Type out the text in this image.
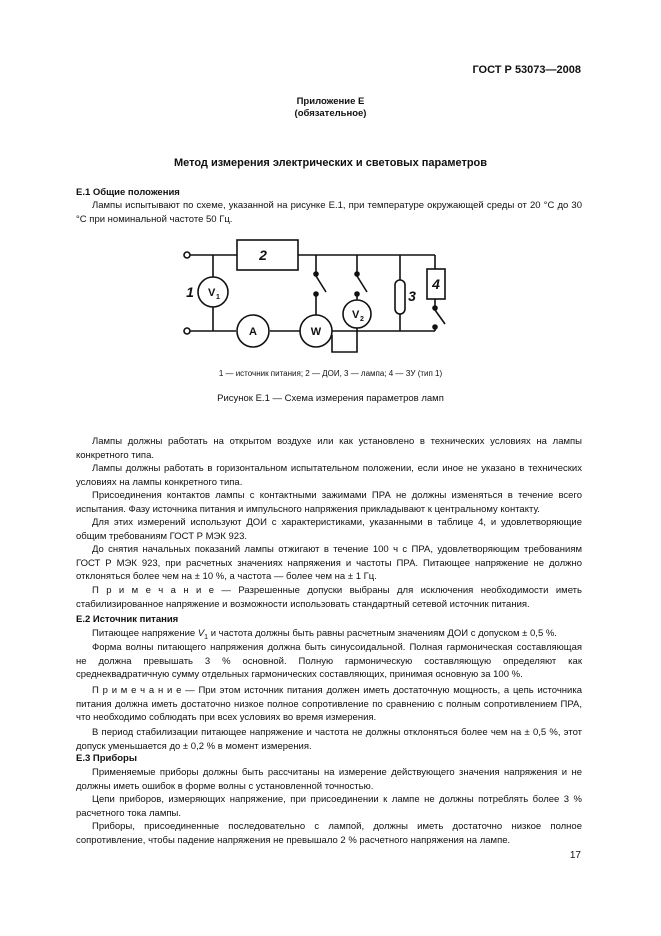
ГОСТ Р 53073—2008
Приложение Е
(обязательное)
Метод измерения электрических и световых параметров
Е.1 Общие положения
Лампы испытывают по схеме, указанной на рисунке Е.1, при температуре окружающей среды от 20 °С до 30 °С при номинальной частоте 50 Гц.
2
1	3
4
V 1
A	W
V 2
1 — источник питания; 2 — ДОИ, 3 — лампа; 4 — ЗУ (тип 1)
Рисунок Е.1 — Схема измерения параметров ламп
Лампы должны работать на открытом воздухе или как установлено в технических условиях на лампы конкретного типа.
Лампы должны работать в горизонтальном испытательном положении, если иное не указано в технических условиях на лампы конкретного типа.
Присоединения контактов лампы с контактными зажимами ПРА не должны изменяться в течение всего испытания. Фазу источника питания и импульсного напряжения прикладывают к центральному контакту.
Для этих измерений используют ДОИ с характеристиками, указанными в таблице 4, и удовлетворяющие общим требованиям ГОСТ Р МЭК 923.
До снятия начальных показаний лампы отжигают в течение 100 ч с ПРА, удовлетворяющим требованиям ГОСТ Р МЭК 923, при расчетных значениях напряжения и частоты ПРА. Питающее напряжение не должно отклоняться более чем на ± 10 %, а частота — более чем на ± 1 Гц.
П р и м е ч а н и е — Разрешенные допуски выбраны для исключения необходимости иметь стабилизированное напряжение и возможности использовать стандартный сетевой источник питания.
Е.2 Источник питания
Питающее напряжение $V_1$ и частота должны быть равны расчетным значениям ДОИ с допуском ± 0,5 %.
Форма волны питающего напряжения должна быть синусоидальной. Полная гармоническая составляющая не должна превышать 3 % основной. Полную гармоническую составляющую определяют как среднеквадратичную сумму отдельных гармонических составляющих, принимая основную за 100 %.
П р и м е ч а н и е — При этом источник питания должен иметь достаточную мощность, а цепь источника питания должна иметь достаточно низкое полное сопротивление по сравнению с полным сопротивлением ПРА, что необходимо соблюдать при всех условиях во время измерения.
В период стабилизации питающее напряжение и частота не должны отклоняться более чем на ± 0,5 %, этот допуск уменьшается до ± 0,2 % в момент измерения.
Е.3 Приборы
Применяемые приборы должны быть рассчитаны на измерение действующего значения напряжения и не должны иметь ошибок в форме волны с установленной точностью.
Цепи приборов, измеряющих напряжение, при присоединении к лампе не должны потреблять более 3 % расчетного тока лампы.
Приборы, присоединенные последовательно с лампой, должны иметь достаточно низкое полное сопротивление, чтобы падение напряжения не превышало 2 % расчетного напряжения на лампе.
17
